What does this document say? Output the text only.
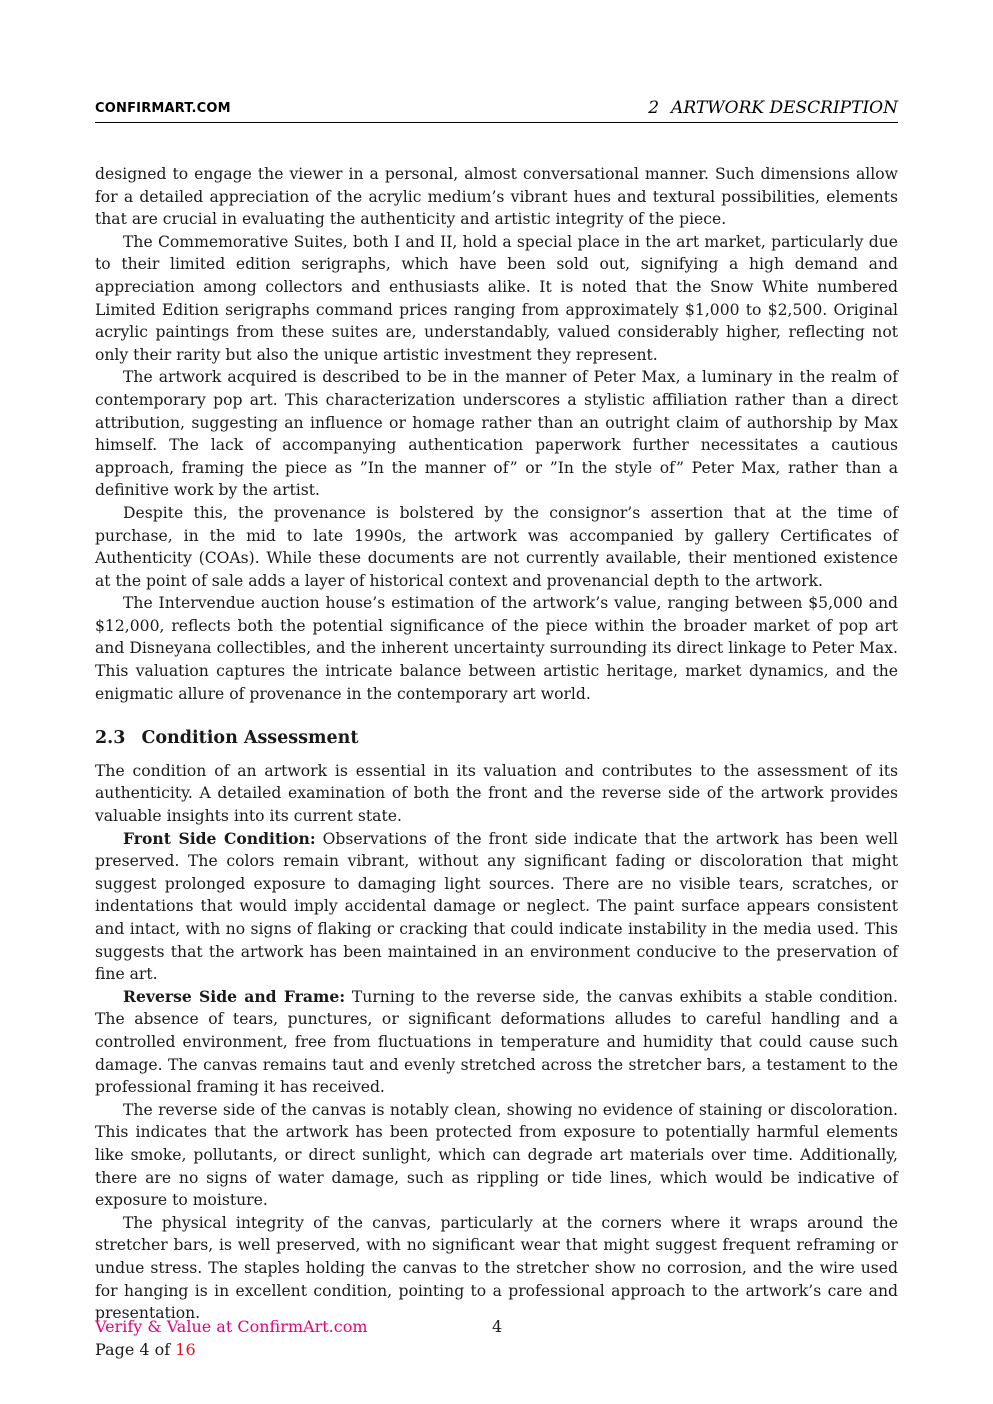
CONFIRMART.COM	2 ARTWORK DESCRIPTION

designed to engage the viewer in a personal, almost conversational manner. Such dimensions allow for a detailed appreciation of the acrylic medium’s vibrant hues and textural possibilities, elements that are crucial in evaluating the authenticity and artistic integrity of the piece.

The Commemorative Suites, both I and II, hold a special place in the art market, particularly due to their limited edition serigraphs, which have been sold out, signifying a high demand and appreciation among collectors and enthusiasts alike. It is noted that the Snow White numbered Limited Edition serigraphs command prices ranging from approximately $1,000 to $2,500. Original acrylic paintings from these suites are, understandably, valued considerably higher, reflecting not only their rarity but also the unique artistic investment they represent.

The artwork acquired is described to be in the manner of Peter Max, a luminary in the realm of contemporary pop art. This characterization underscores a stylistic affiliation rather than a direct attribution, suggesting an influence or homage rather than an outright claim of authorship by Max himself. The lack of accompanying authentication paperwork further necessitates a cautious approach, framing the piece as ”In the manner of” or ”In the style of” Peter Max, rather than a definitive work by the artist.

Despite this, the provenance is bolstered by the consignor’s assertion that at the time of purchase, in the mid to late 1990s, the artwork was accompanied by gallery Certificates of Authenticity (COAs). While these documents are not currently available, their mentioned existence at the point of sale adds a layer of historical context and provenancial depth to the artwork.

The Intervendue auction house’s estimation of the artwork’s value, ranging between $5,000 and $12,000, reflects both the potential significance of the piece within the broader market of pop art and Disneyana collectibles, and the inherent uncertainty surrounding its direct linkage to Peter Max. This valuation captures the intricate balance between artistic heritage, market dynamics, and the enigmatic allure of provenance in the contemporary art world.

2.3 Condition Assessment

The condition of an artwork is essential in its valuation and contributes to the assessment of its authenticity. A detailed examination of both the front and the reverse side of the artwork provides valuable insights into its current state.

Front Side Condition: Observations of the front side indicate that the artwork has been well preserved. The colors remain vibrant, without any significant fading or discoloration that might suggest prolonged exposure to damaging light sources. There are no visible tears, scratches, or indentations that would imply accidental damage or neglect. The paint surface appears consistent and intact, with no signs of flaking or cracking that could indicate instability in the media used. This suggests that the artwork has been maintained in an environment conducive to the preservation of fine art.

Reverse Side and Frame: Turning to the reverse side, the canvas exhibits a stable condition. The absence of tears, punctures, or significant deformations alludes to careful handling and a controlled environment, free from fluctuations in temperature and humidity that could cause such damage. The canvas remains taut and evenly stretched across the stretcher bars, a testament to the professional framing it has received.

The reverse side of the canvas is notably clean, showing no evidence of staining or discoloration. This indicates that the artwork has been protected from exposure to potentially harmful elements like smoke, pollutants, or direct sunlight, which can degrade art materials over time. Additionally, there are no signs of water damage, such as rippling or tide lines, which would be indicative of exposure to moisture.

The physical integrity of the canvas, particularly at the corners where it wraps around the stretcher bars, is well preserved, with no significant wear that might suggest frequent reframing or undue stress. The staples holding the canvas to the stretcher show no corrosion, and the wire used for hanging is in excellent condition, pointing to a professional approach to the artwork’s care and presentation.

Verify & Value at ConfirmArt.com	4
Page 4 of 16
